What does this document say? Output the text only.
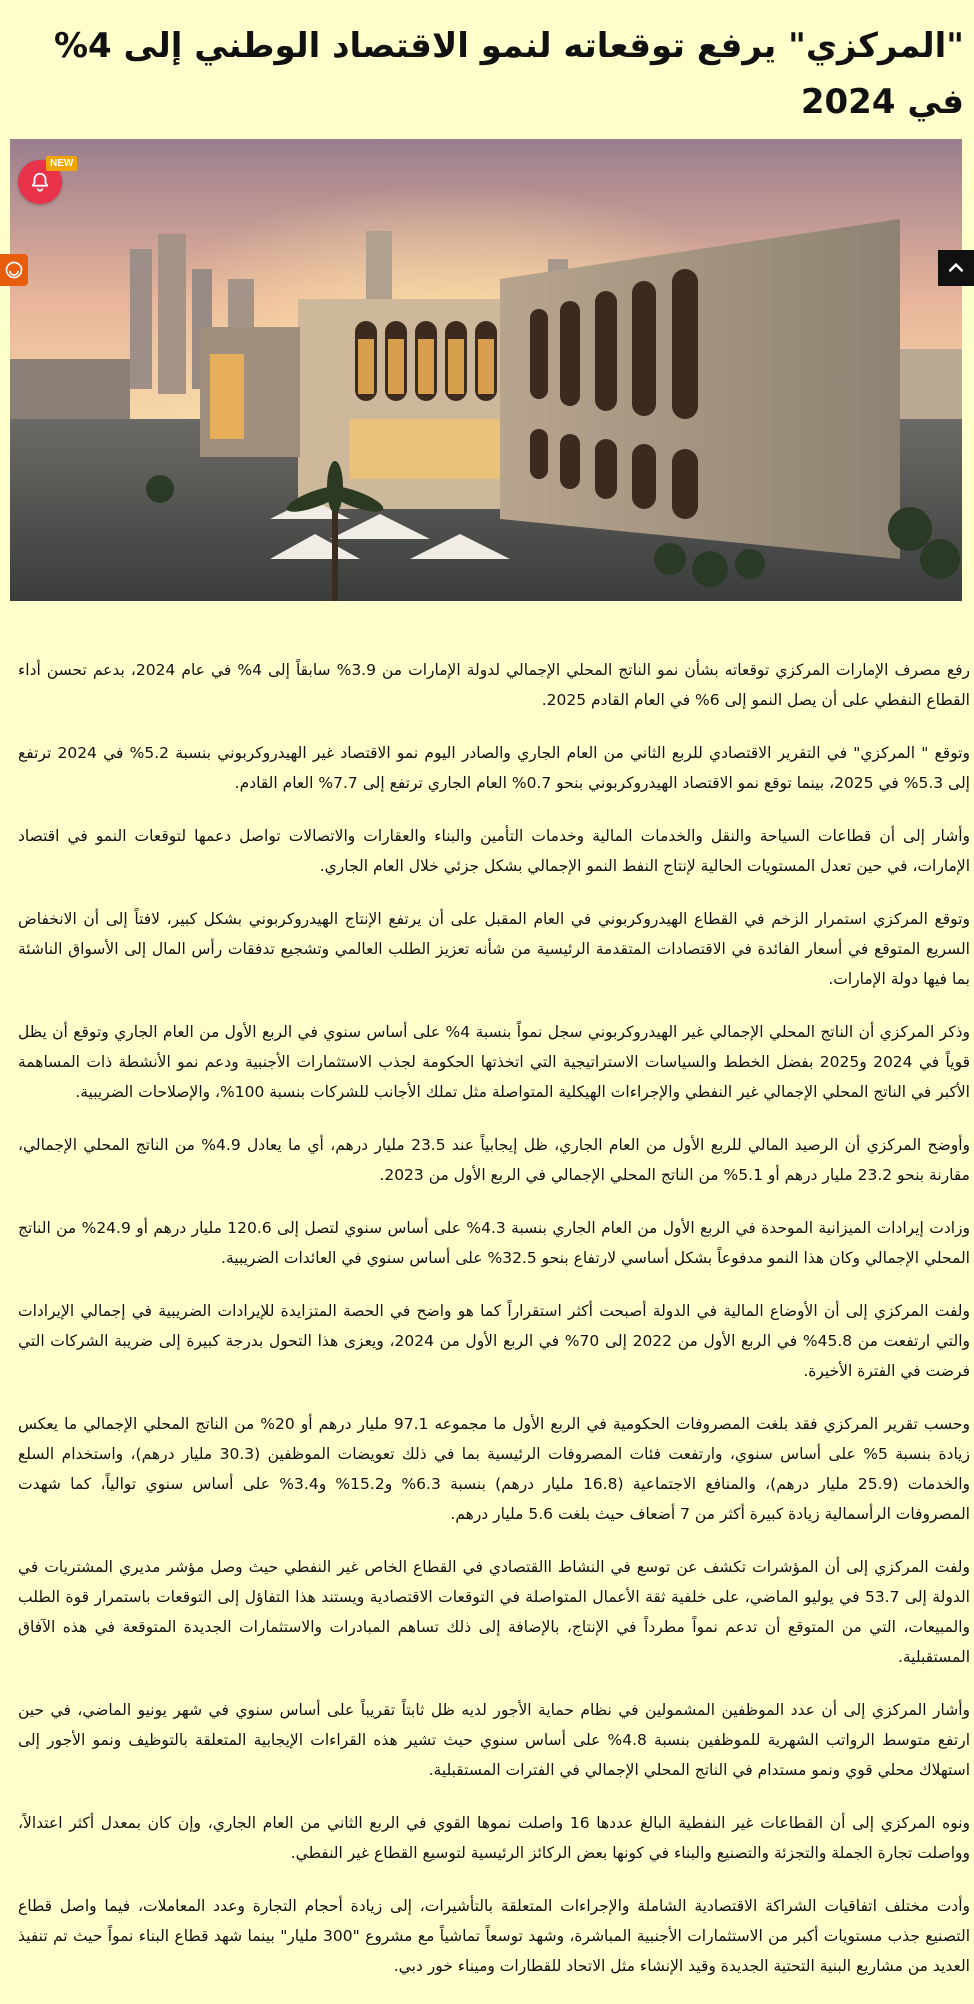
"المركزي" يرفع توقعاته لنمو الاقتصاد الوطني إلى 4% في 2024
NEW

رفع مصرف الإمارات المركزي توقعاته بشأن نمو الناتج المحلي الإجمالي لدولة الإمارات من 3.9% سابقاً إلى 4% في عام 2024، بدعم تحسن أداء القطاع النفطي على أن يصل النمو إلى 6% في العام القادم 2025.

وتوقع " المركزي" في التقرير الاقتصادي للربع الثاني من العام الجاري والصادر اليوم نمو الاقتصاد غير الهيدروكربوني بنسبة 5.2% في 2024 ترتفع إلى 5.3% في 2025، بينما توقع نمو الاقتصاد الهيدروكربوني بنحو 0.7% العام الجاري ترتفع إلى 7.7% العام القادم.

وأشار إلى أن قطاعات السياحة والنقل والخدمات المالية وخدمات التأمين والبناء والعقارات والاتصالات تواصل دعمها لتوقعات النمو في اقتصاد الإمارات، في حين تعدل المستويات الحالية لإنتاج النفط النمو الإجمالي بشكل جزئي خلال العام الجاري.

وتوقع المركزي استمرار الزخم في القطاع الهيدروكربوني في العام المقبل على أن يرتفع الإنتاج الهيدروكربوني بشكل كبير، لافتاً إلى أن الانخفاض السريع المتوقع في أسعار الفائدة في الاقتصادات المتقدمة الرئيسية من شأنه تعزيز الطلب العالمي وتشجيع تدفقات رأس المال إلى الأسواق الناشئة بما فيها دولة الإمارات.

وذكر المركزي أن الناتج المحلي الإجمالي غير الهيدروكربوني سجل نمواً بنسبة 4% على أساس سنوي في الربع الأول من العام الجاري وتوقع أن يظل قوياً في 2024 و2025 بفضل الخطط والسياسات الاستراتيجية التي اتخذتها الحكومة لجذب الاستثمارات الأجنبية ودعم نمو الأنشطة ذات المساهمة الأكبر في الناتج المحلي الإجمالي غير النفطي والإجراءات الهيكلية المتواصلة مثل تملك الأجانب للشركات بنسبة 100%، والإصلاحات الضريبية.

وأوضح المركزي أن الرصيد المالي للربع الأول من العام الجاري، ظل إيجابياً عند 23.5 مليار درهم، أي ما يعادل 4.9% من الناتج المحلي الإجمالي، مقارنة بنحو 23.2 مليار درهم أو 5.1% من الناتج المحلي الإجمالي في الربع الأول من 2023.

وزادت إيرادات الميزانية الموحدة في الربع الأول من العام الجاري بنسبة 4.3% على أساس سنوي لتصل إلى 120.6 مليار درهم أو 24.9% من الناتج المحلي الإجمالي وكان هذا النمو مدفوعاً بشكل أساسي لارتفاع بنحو 32.5% على أساس سنوي في العائدات الضريبية.

ولفت المركزي إلى أن الأوضاع المالية في الدولة أصبحت أكثر استقراراً كما هو واضح في الحصة المتزايدة للإيرادات الضريبية في إجمالي الإيرادات والتي ارتفعت من 45.8% في الربع الأول من 2022 إلى 70% في الربع الأول من 2024، ويعزى هذا التحول بدرجة كبيرة إلى ضريبة الشركات التي فرضت في الفترة الأخيرة.

وحسب تقرير المركزي فقد بلغت المصروفات الحكومية في الربع الأول ما مجموعه 97.1 مليار درهم أو 20% من الناتج المحلي الإجمالي ما يعكس زيادة بنسبة 5% على أساس سنوي، وارتفعت فئات المصروفات الرئيسية بما في ذلك تعويضات الموظفين (30.3 مليار درهم)، واستخدام السلع والخدمات (25.9 مليار درهم)، والمنافع الاجتماعية (16.8 مليار درهم) بنسبة 6.3% و15.2% و3.4% على أساس سنوي توالياً، كما شهدت المصروفات الرأسمالية زيادة كبيرة أكثر من 7 أضعاف حيث بلغت 5.6 مليار درهم.

ولفت المركزي إلى أن المؤشرات تكشف عن توسع في النشاط االقتصادي في القطاع الخاص غير النفطي حيث وصل مؤشر مديري المشتريات في الدولة إلى 53.7 في يوليو الماضي، على خلفية ثقة الأعمال المتواصلة في التوقعات الاقتصادية ويستند هذا التفاؤل إلى التوقعات باستمرار قوة الطلب والمبيعات، التي من المتوقع أن تدعم نمواً مطرداً في الإنتاج، بالإضافة إلى ذلك تساهم المبادرات والاستثمارات الجديدة المتوقعة في هذه الآفاق المستقبلية.

وأشار المركزي إلى أن عدد الموظفين المشمولين في نظام حماية الأجور لديه ظل ثابتاً تقريباً على أساس سنوي في شهر يونيو الماضي، في حين ارتفع متوسط الرواتب الشهرية للموظفين بنسبة 4.8% على أساس سنوي حيث تشير هذه القراءات الإيجابية المتعلقة بالتوظيف ونمو الأجور إلى استهلاك محلي قوي ونمو مستدام في الناتج المحلي الإجمالي في الفترات المستقبلية.

ونوه المركزي إلى أن القطاعات غير النفطية البالغ عددها 16 واصلت نموها القوي في الربع الثاني من العام الجاري، وإن كان بمعدل أكثر اعتدالاً، وواصلت تجارة الجملة والتجزئة والتصنيع والبناء في كونها بعض الركائز الرئيسية لتوسيع القطاع غير النفطي.

وأدت مختلف اتفاقيات الشراكة الاقتصادية الشاملة والإجراءات المتعلقة بالتأشيرات، إلى زيادة أحجام التجارة وعدد المعاملات، فيما واصل قطاع التصنيع جذب مستويات أكبر من الاستثمارات الأجنبية المباشرة، وشهد توسعاً تماشياً مع مشروع "300 مليار" بينما شهد قطاع البناء نمواً حيث تم تنفيذ العديد من مشاريع البنية التحتية الجديدة وقيد الإنشاء مثل الاتحاد للقطارات وميناء خور دبي.
